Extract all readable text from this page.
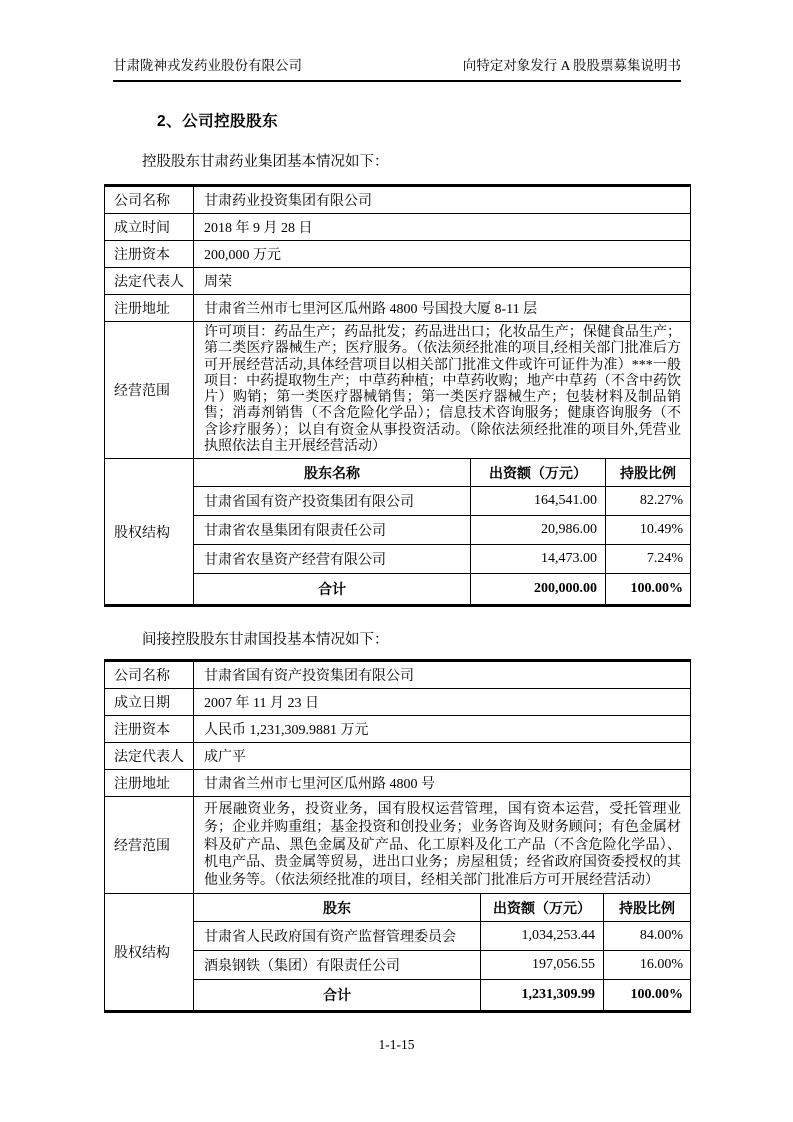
甘肃陇神戎发药业股份有限公司	向特定对象发行 A 股股票募集说明书
2、公司控股股东
控股股东甘肃药业集团基本情况如下：
公司名称	甘肃药业投资集团有限公司		
成立时间	2018 年 9 月 28 日		
注册资本	200,000 万元		
法定代表人	周荣		
注册地址	甘肃省兰州市七里河区瓜州路 4800 号国投大厦 8-11 层		
经营范围	许可项目：药品生产；药品批发；药品进出口；化妆品生产；保健食品生产；第二类医疗器械生产；医疗服务。（依法须经批准的项目,经相关部门批准后方可开展经营活动,具体经营项目以相关部门批准文件或许可证件为准）***一般项目：中药提取物生产；中草药种植；中草药收购；地产中草药（不含中药饮片）购销；第一类医疗器械销售；第一类医疗器械生产；包装材料及制品销售；消毒剂销售（不含危险化学品）；信息技术咨询服务；健康咨询服务（不含诊疗服务）；以自有资金从事投资活动。（除依法须经批准的项目外,凭营业执照依法自主开展经营活动）		
股权结构	股东名称	出资额（万元）	持股比例
	甘肃省国有资产投资集团有限公司	164,541.00	82.27%
	甘肃省农垦集团有限责任公司	20,986.00	10.49%
	甘肃省农垦资产经营有限公司	14,473.00	7.24%
	合计	200,000.00	100.00%
间接控股股东甘肃国投基本情况如下：
公司名称	甘肃省国有资产投资集团有限公司		
成立日期	2007 年 11 月 23 日		
注册资本	人民币 1,231,309.9881 万元		
法定代表人	成广平		
注册地址	甘肃省兰州市七里河区瓜州路 4800 号		
经营范围	开展融资业务，投资业务，国有股权运营管理，国有资本运营，受托管理业务；企业并购重组；基金投资和创投业务；业务咨询及财务顾问；有色金属材料及矿产品、黑色金属及矿产品、化工原料及化工产品（不含危险化学品）、机电产品、贵金属等贸易，进出口业务；房屋租赁；经省政府国资委授权的其他业务等。（依法须经批准的项目，经相关部门批准后方可开展经营活动）		
股权结构	股东	出资额（万元）	持股比例
	甘肃省人民政府国有资产监督管理委员会	1,034,253.44	84.00%
	酒泉钢铁（集团）有限责任公司	197,056.55	16.00%
	合计	1,231,309.99	100.00%
1-1-15
